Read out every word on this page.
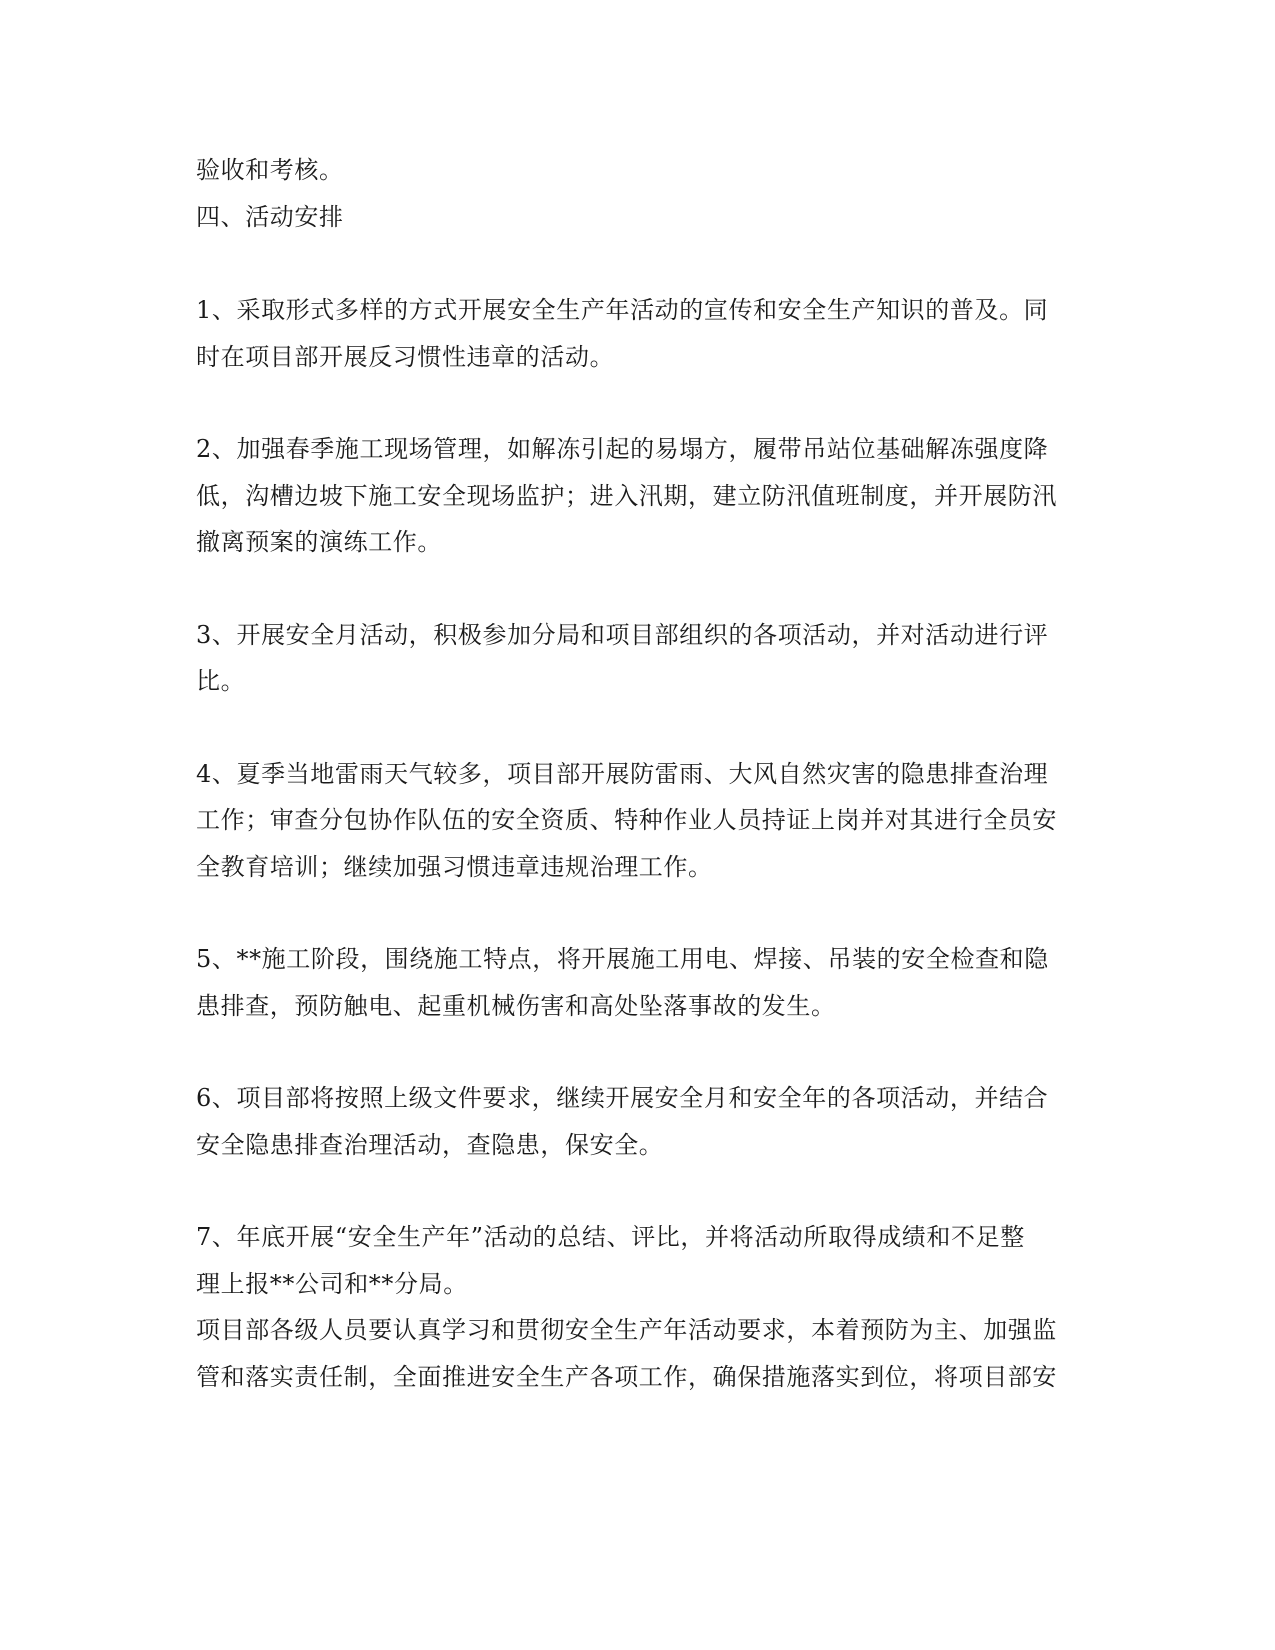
验收和考核。
四、活动安排
1、采取形式多样的方式开展安全生产年活动的宣传和安全生产知识的普及。同
时在项目部开展反习惯性违章的活动。
2、加强春季施工现场管理，如解冻引起的易塌方，履带吊站位基础解冻强度降
低，沟槽边坡下施工安全现场监护；进入汛期，建立防汛值班制度，并开展防汛
撤离预案的演练工作。
3、开展安全月活动，积极参加分局和项目部组织的各项活动，并对活动进行评
比。
4、夏季当地雷雨天气较多，项目部开展防雷雨、大风自然灾害的隐患排查治理
工作；审查分包协作队伍的安全资质、特种作业人员持证上岗并对其进行全员安
全教育培训；继续加强习惯违章违规治理工作。
5、**施工阶段，围绕施工特点，将开展施工用电、焊接、吊装的安全检查和隐
患排查，预防触电、起重机械伤害和高处坠落事故的发生。
6、项目部将按照上级文件要求，继续开展安全月和安全年的各项活动，并结合
安全隐患排查治理活动，查隐患，保安全。
7、年底开展“安全生产年”活动的总结、评比，并将活动所取得成绩和不足整
理上报**公司和**分局。
项目部各级人员要认真学习和贯彻安全生产年活动要求，本着预防为主、加强监
管和落实责任制，全面推进安全生产各项工作，确保措施落实到位，将项目部安
